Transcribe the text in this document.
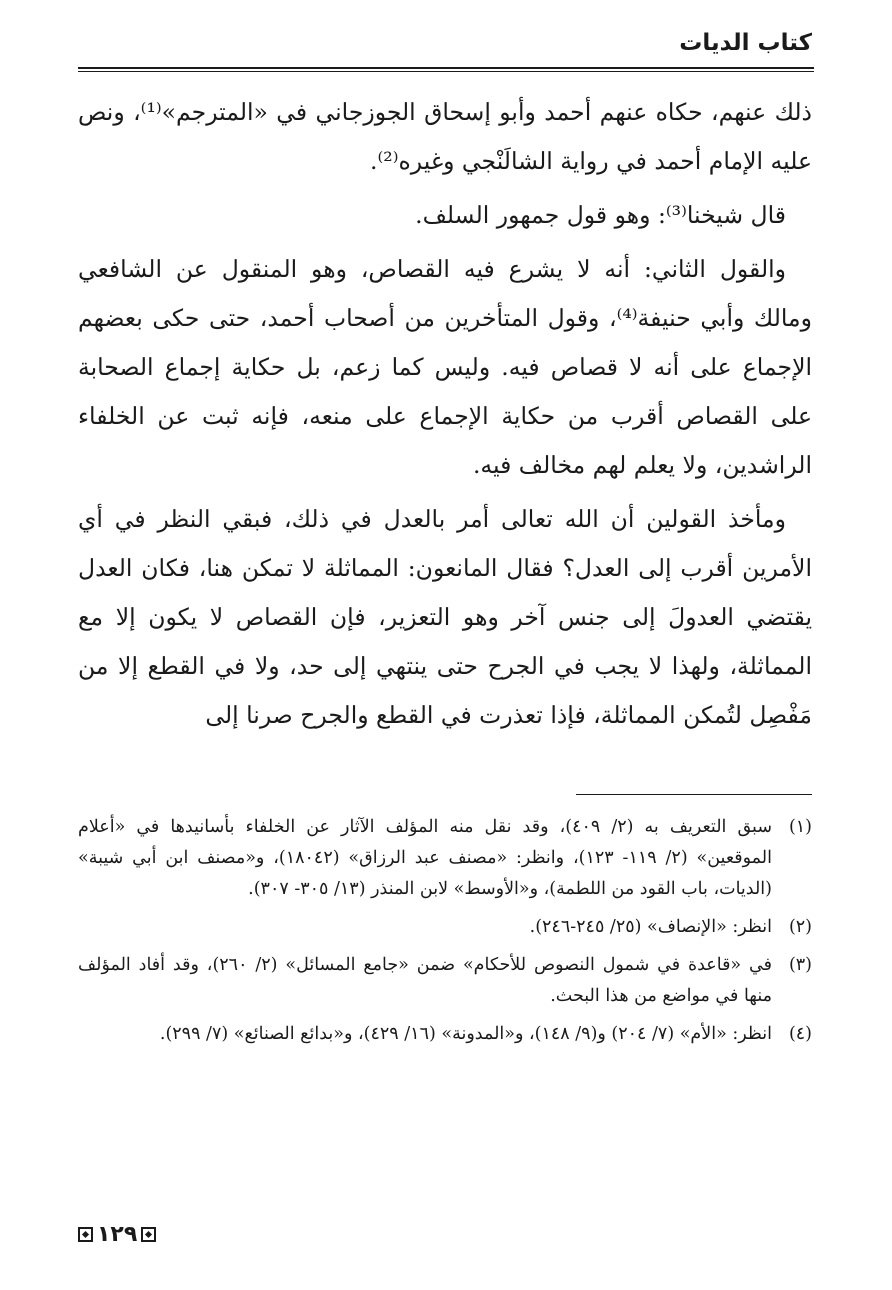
كتاب الديات

ذلك عنهم، حكاه عنهم أحمد وأبو إسحاق الجوزجاني في «المترجم»⁽¹⁾، ونص عليه الإمام أحمد في رواية الشالَنْجي وغيره⁽²⁾.

قال شيخنا⁽³⁾: وهو قول جمهور السلف.

والقول الثاني: أنه لا يشرع فيه القصاص، وهو المنقول عن الشافعي ومالك وأبي حنيفة⁽⁴⁾، وقول المتأخرين من أصحاب أحمد، حتى حكى بعضهم الإجماع على أنه لا قصاص فيه. وليس كما زعم، بل حكاية إجماع الصحابة على القصاص أقرب من حكاية الإجماع على منعه، فإنه ثبت عن الخلفاء الراشدين، ولا يعلم لهم مخالف فيه.

ومأخذ القولين أن الله تعالى أمر بالعدل في ذلك، فبقي النظر في أي الأمرين أقرب إلى العدل؟ فقال المانعون: المماثلة لا تمكن هنا، فكان العدل يقتضي العدولَ إلى جنس آخر وهو التعزير، فإن القصاص لا يكون إلا مع المماثلة، ولهذا لا يجب في الجرح حتى ينتهي إلى حد، ولا في القطع إلا من مَفْصِل لتُمكن المماثلة، فإذا تعذرت في القطع والجرح صرنا إلى

(١)
سبق التعريف به (٢/ ٤٠٩)، وقد نقل منه المؤلف الآثار عن الخلفاء بأسانيدها في «أعلام الموقعين» (٢/ ١١٩- ١٢٣)، وانظر: «مصنف عبد الرزاق» (١٨٠٤٢)، و«مصنف ابن أبي شيبة» (الديات، باب القود من اللطمة)، و«الأوسط» لابن المنذر (١٣/ ٣٠٥- ٣٠٧).
(٢)
انظر: «الإنصاف» (٢٥/ ٢٤٥-٢٤٦).
(٣)
في «قاعدة في شمول النصوص للأحكام» ضمن «جامع المسائل» (٢/ ٢٦٠)، وقد أفاد المؤلف منها في مواضع من هذا البحث.
(٤)
انظر: «الأم» (٧/ ٢٠٤) و(٩/ ١٤٨)، و«المدونة» (١٦/ ٤٢٩)، و«بدائع الصنائع» (٧/ ٢٩٩).
١٢٩
